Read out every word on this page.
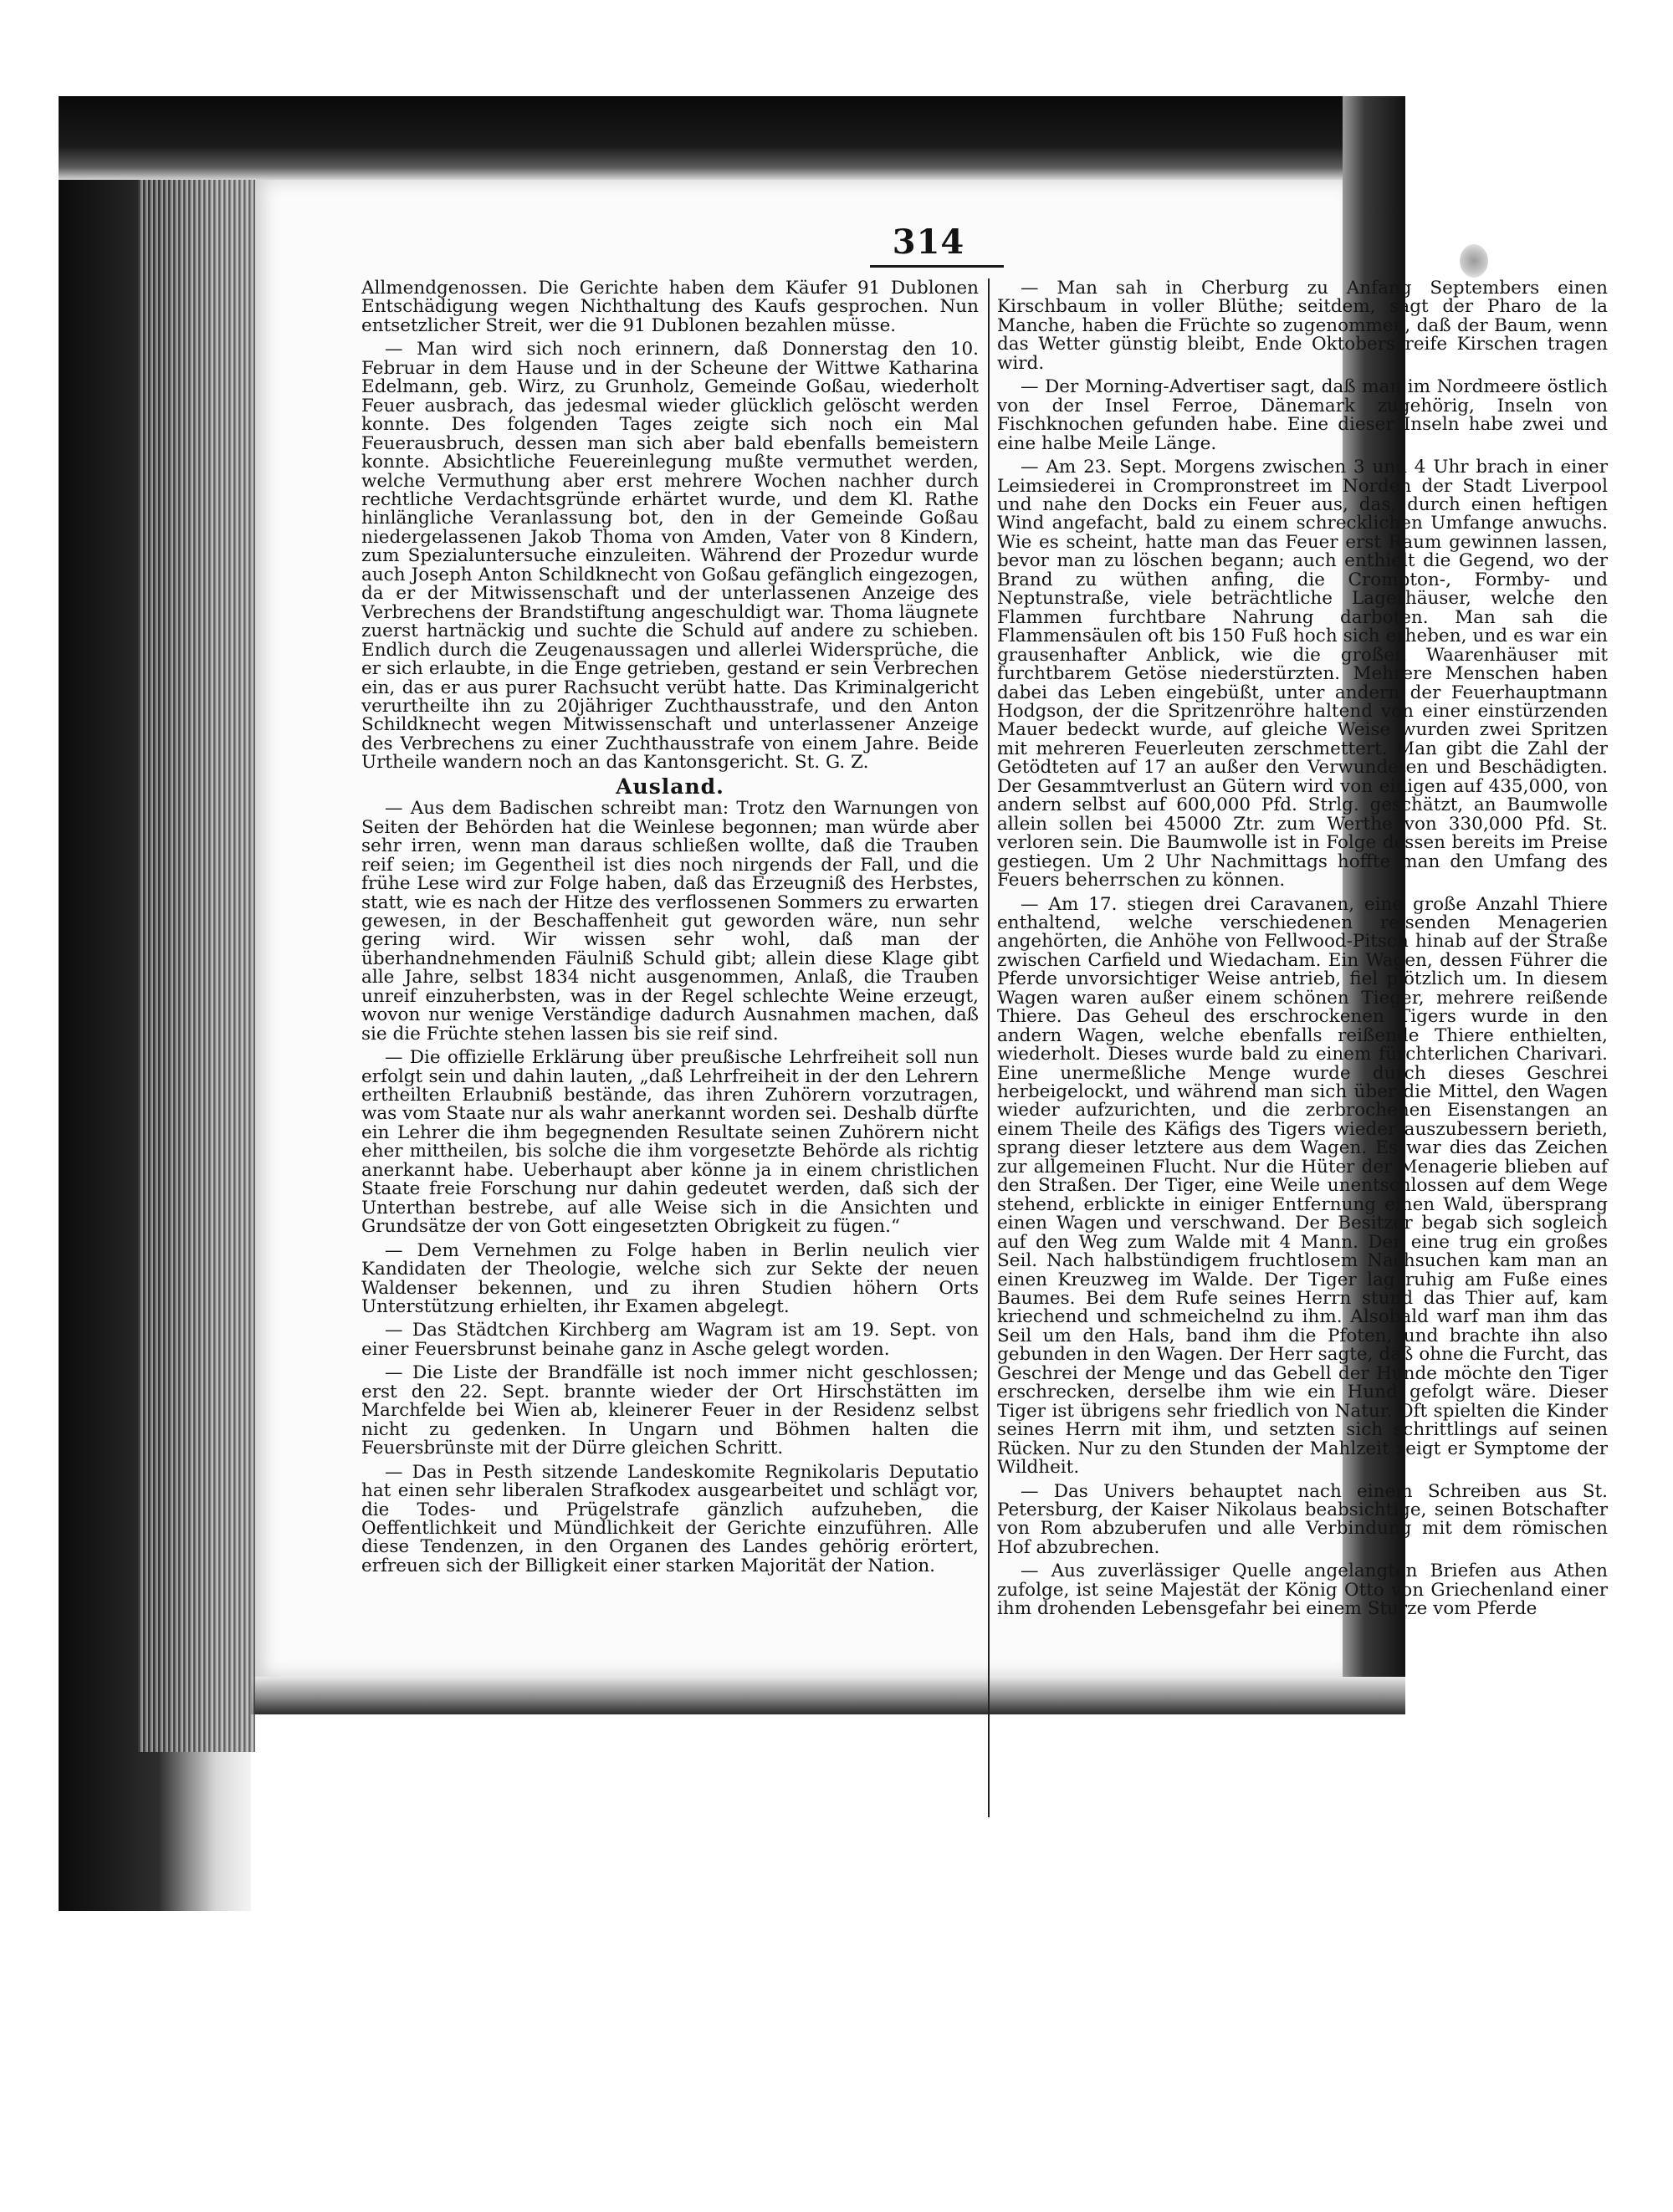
314

Allmendgenossen. Die Gerichte haben dem Käufer 91 Dublonen Entschädigung wegen Nichthaltung des Kaufs gesprochen. Nun entsetzlicher Streit, wer die 91 Dublonen bezahlen müsse.

— Man wird sich noch erinnern, daß Donnerstag den 10. Februar in dem Hause und in der Scheune der Wittwe Katharina Edelmann, geb. Wirz, zu Grunholz, Gemeinde Goßau, wiederholt Feuer ausbrach, das jedesmal wieder glücklich gelöscht werden konnte. Des folgenden Tages zeigte sich noch ein Mal Feuerausbruch, dessen man sich aber bald ebenfalls bemeistern konnte. Absichtliche Feuereinlegung mußte vermuthet werden, welche Vermuthung aber erst mehrere Wochen nachher durch rechtliche Verdachtsgründe erhärtet wurde, und dem Kl. Rathe hinlängliche Veranlassung bot, den in der Gemeinde Goßau niedergelassenen Jakob Thoma von Amden, Vater von 8 Kindern, zum Spezialuntersuche einzuleiten. Während der Prozedur wurde auch Joseph Anton Schildknecht von Goßau gefänglich eingezogen, da er der Mitwissenschaft und der unterlassenen Anzeige des Verbrechens der Brandstiftung angeschuldigt war. Thoma läugnete zuerst hartnäckig und suchte die Schuld auf andere zu schieben. Endlich durch die Zeugenaussagen und allerlei Widersprüche, die er sich erlaubte, in die Enge getrieben, gestand er sein Verbrechen ein, das er aus purer Rachsucht verübt hatte. Das Kriminalgericht verurtheilte ihn zu 20jähriger Zuchthausstrafe, und den Anton Schildknecht wegen Mitwissenschaft und unterlassener Anzeige des Verbrechens zu einer Zuchthausstrafe von einem Jahre. Beide Urtheile wandern noch an das Kantonsgericht. St. G. Z.

Ausland.

— Aus dem Badischen schreibt man: Trotz den Warnungen von Seiten der Behörden hat die Weinlese begonnen; man würde aber sehr irren, wenn man daraus schließen wollte, daß die Trauben reif seien; im Gegentheil ist dies noch nirgends der Fall, und die frühe Lese wird zur Folge haben, daß das Erzeugniß des Herbstes, statt, wie es nach der Hitze des verflossenen Sommers zu erwarten gewesen, in der Beschaffenheit gut geworden wäre, nun sehr gering wird. Wir wissen sehr wohl, daß man der überhandnehmenden Fäulniß Schuld gibt; allein diese Klage gibt alle Jahre, selbst 1834 nicht ausgenommen, Anlaß, die Trauben unreif einzuherbsten, was in der Regel schlechte Weine erzeugt, wovon nur wenige Verständige dadurch Ausnahmen machen, daß sie die Früchte stehen lassen bis sie reif sind.

— Die offizielle Erklärung über preußische Lehrfreiheit soll nun erfolgt sein und dahin lauten, „daß Lehrfreiheit in der den Lehrern ertheilten Erlaubniß bestände, das ihren Zuhörern vorzutragen, was vom Staate nur als wahr anerkannt worden sei. Deshalb dürfte ein Lehrer die ihm begegnenden Resultate seinen Zuhörern nicht eher mittheilen, bis solche die ihm vorgesetzte Behörde als richtig anerkannt habe. Ueberhaupt aber könne ja in einem christlichen Staate freie Forschung nur dahin gedeutet werden, daß sich der Unterthan bestrebe, auf alle Weise sich in die Ansichten und Grundsätze der von Gott eingesetzten Obrigkeit zu fügen.“

— Dem Vernehmen zu Folge haben in Berlin neulich vier Kandidaten der Theologie, welche sich zur Sekte der neuen Waldenser bekennen, und zu ihren Studien höhern Orts Unterstützung erhielten, ihr Examen abgelegt.

— Das Städtchen Kirchberg am Wagram ist am 19. Sept. von einer Feuersbrunst beinahe ganz in Asche gelegt worden.

— Die Liste der Brandfälle ist noch immer nicht geschlossen; erst den 22. Sept. brannte wieder der Ort Hirschstätten im Marchfelde bei Wien ab, kleinerer Feuer in der Residenz selbst nicht zu gedenken. In Ungarn und Böhmen halten die Feuersbrünste mit der Dürre gleichen Schritt.

— Das in Pesth sitzende Landeskomite Regnikolaris Deputatio hat einen sehr liberalen Strafkodex ausgearbeitet und schlägt vor, die Todes- und Prügelstrafe gänzlich aufzuheben, die Oeffentlichkeit und Mündlichkeit der Gerichte einzuführen. Alle diese Tendenzen, in den Organen des Landes gehörig erörtert, erfreuen sich der Billigkeit einer starken Majorität der Nation.

— Man sah in Cherburg zu Anfang Septembers einen Kirschbaum in voller Blüthe; seitdem, sagt der Pharo de la Manche, haben die Früchte so zugenommen, daß der Baum, wenn das Wetter günstig bleibt, Ende Oktobers reife Kirschen tragen wird.

— Der Morning-Advertiser sagt, daß man im Nordmeere östlich von der Insel Ferroe, Dänemark zugehörig, Inseln von Fischknochen gefunden habe. Eine dieser Inseln habe zwei und eine halbe Meile Länge.

— Am 23. Sept. Morgens zwischen 3 und 4 Uhr brach in einer Leimsiederei in Crompronstreet im Norden der Stadt Liverpool und nahe den Docks ein Feuer aus, das, durch einen heftigen Wind angefacht, bald zu einem schrecklichen Umfange anwuchs. Wie es scheint, hatte man das Feuer erst Raum gewinnen lassen, bevor man zu löschen begann; auch enthielt die Gegend, wo der Brand zu wüthen anfing, die Crompton-, Formby- und Neptunstraße, viele beträchtliche Lagerhäuser, welche den Flammen furchtbare Nahrung darboten. Man sah die Flammensäulen oft bis 150 Fuß hoch sich erheben, und es war ein grausenhafter Anblick, wie die großen Waarenhäuser mit furchtbarem Getöse niederstürzten. Mehrere Menschen haben dabei das Leben eingebüßt, unter andern der Feuerhauptmann Hodgson, der die Spritzenröhre haltend von einer einstürzenden Mauer bedeckt wurde, auf gleiche Weise wurden zwei Spritzen mit mehreren Feuerleuten zerschmettert. Man gibt die Zahl der Getödteten auf 17 an außer den Verwundeten und Beschädigten. Der Gesammtverlust an Gütern wird von einigen auf 435,000, von andern selbst auf 600,000 Pfd. Strlg. geschätzt, an Baumwolle allein sollen bei 45000 Ztr. zum Werthe von 330,000 Pfd. St. verloren sein. Die Baumwolle ist in Folge dessen bereits im Preise gestiegen. Um 2 Uhr Nachmittags hoffte man den Umfang des Feuers beherrschen zu können.

— Am 17. stiegen drei Caravanen, eine große Anzahl Thiere enthaltend, welche verschiedenen reisenden Menagerien angehörten, die Anhöhe von Fellwood-Pitsch hinab auf der Straße zwischen Carfield und Wiedacham. Ein Wagen, dessen Führer die Pferde unvorsichtiger Weise antrieb, fiel plötzlich um. In diesem Wagen waren außer einem schönen Tieger, mehrere reißende Thiere. Das Geheul des erschrockenen Tigers wurde in den andern Wagen, welche ebenfalls reißende Thiere enthielten, wiederholt. Dieses wurde bald zu einem fürchterlichen Charivari. Eine unermeßliche Menge wurde durch dieses Geschrei herbeigelockt, und während man sich über die Mittel, den Wagen wieder aufzurichten, und die zerbrochenen Eisenstangen an einem Theile des Käfigs des Tigers wieder auszubessern berieth, sprang dieser letztere aus dem Wagen. Es war dies das Zeichen zur allgemeinen Flucht. Nur die Hüter der Menagerie blieben auf den Straßen. Der Tiger, eine Weile unentschlossen auf dem Wege stehend, erblickte in einiger Entfernung einen Wald, übersprang einen Wagen und verschwand. Der Besitzer begab sich sogleich auf den Weg zum Walde mit 4 Mann. Der eine trug ein großes Seil. Nach halbstündigem fruchtlosem Nachsuchen kam man an einen Kreuzweg im Walde. Der Tiger lag ruhig am Fuße eines Baumes. Bei dem Rufe seines Herrn stund das Thier auf, kam kriechend und schmeichelnd zu ihm. Alsobald warf man ihm das Seil um den Hals, band ihm die Pfoten, und brachte ihn also gebunden in den Wagen. Der Herr sagte, daß ohne die Furcht, das Geschrei der Menge und das Gebell der Hunde möchte den Tiger erschrecken, derselbe ihm wie ein Hund gefolgt wäre. Dieser Tiger ist übrigens sehr friedlich von Natur. Oft spielten die Kinder seines Herrn mit ihm, und setzten sich schrittlings auf seinen Rücken. Nur zu den Stunden der Mahlzeit zeigt er Symptome der Wildheit.

— Das Univers behauptet nach einem Schreiben aus St. Petersburg, der Kaiser Nikolaus beabsichtige, seinen Botschafter von Rom abzuberufen und alle Verbindung mit dem römischen Hof abzubrechen.

— Aus zuverlässiger Quelle angelangten Briefen aus Athen zufolge, ist seine Majestät der König Otto von Griechenland einer ihm drohenden Lebensgefahr bei einem Sturze vom Pferde
